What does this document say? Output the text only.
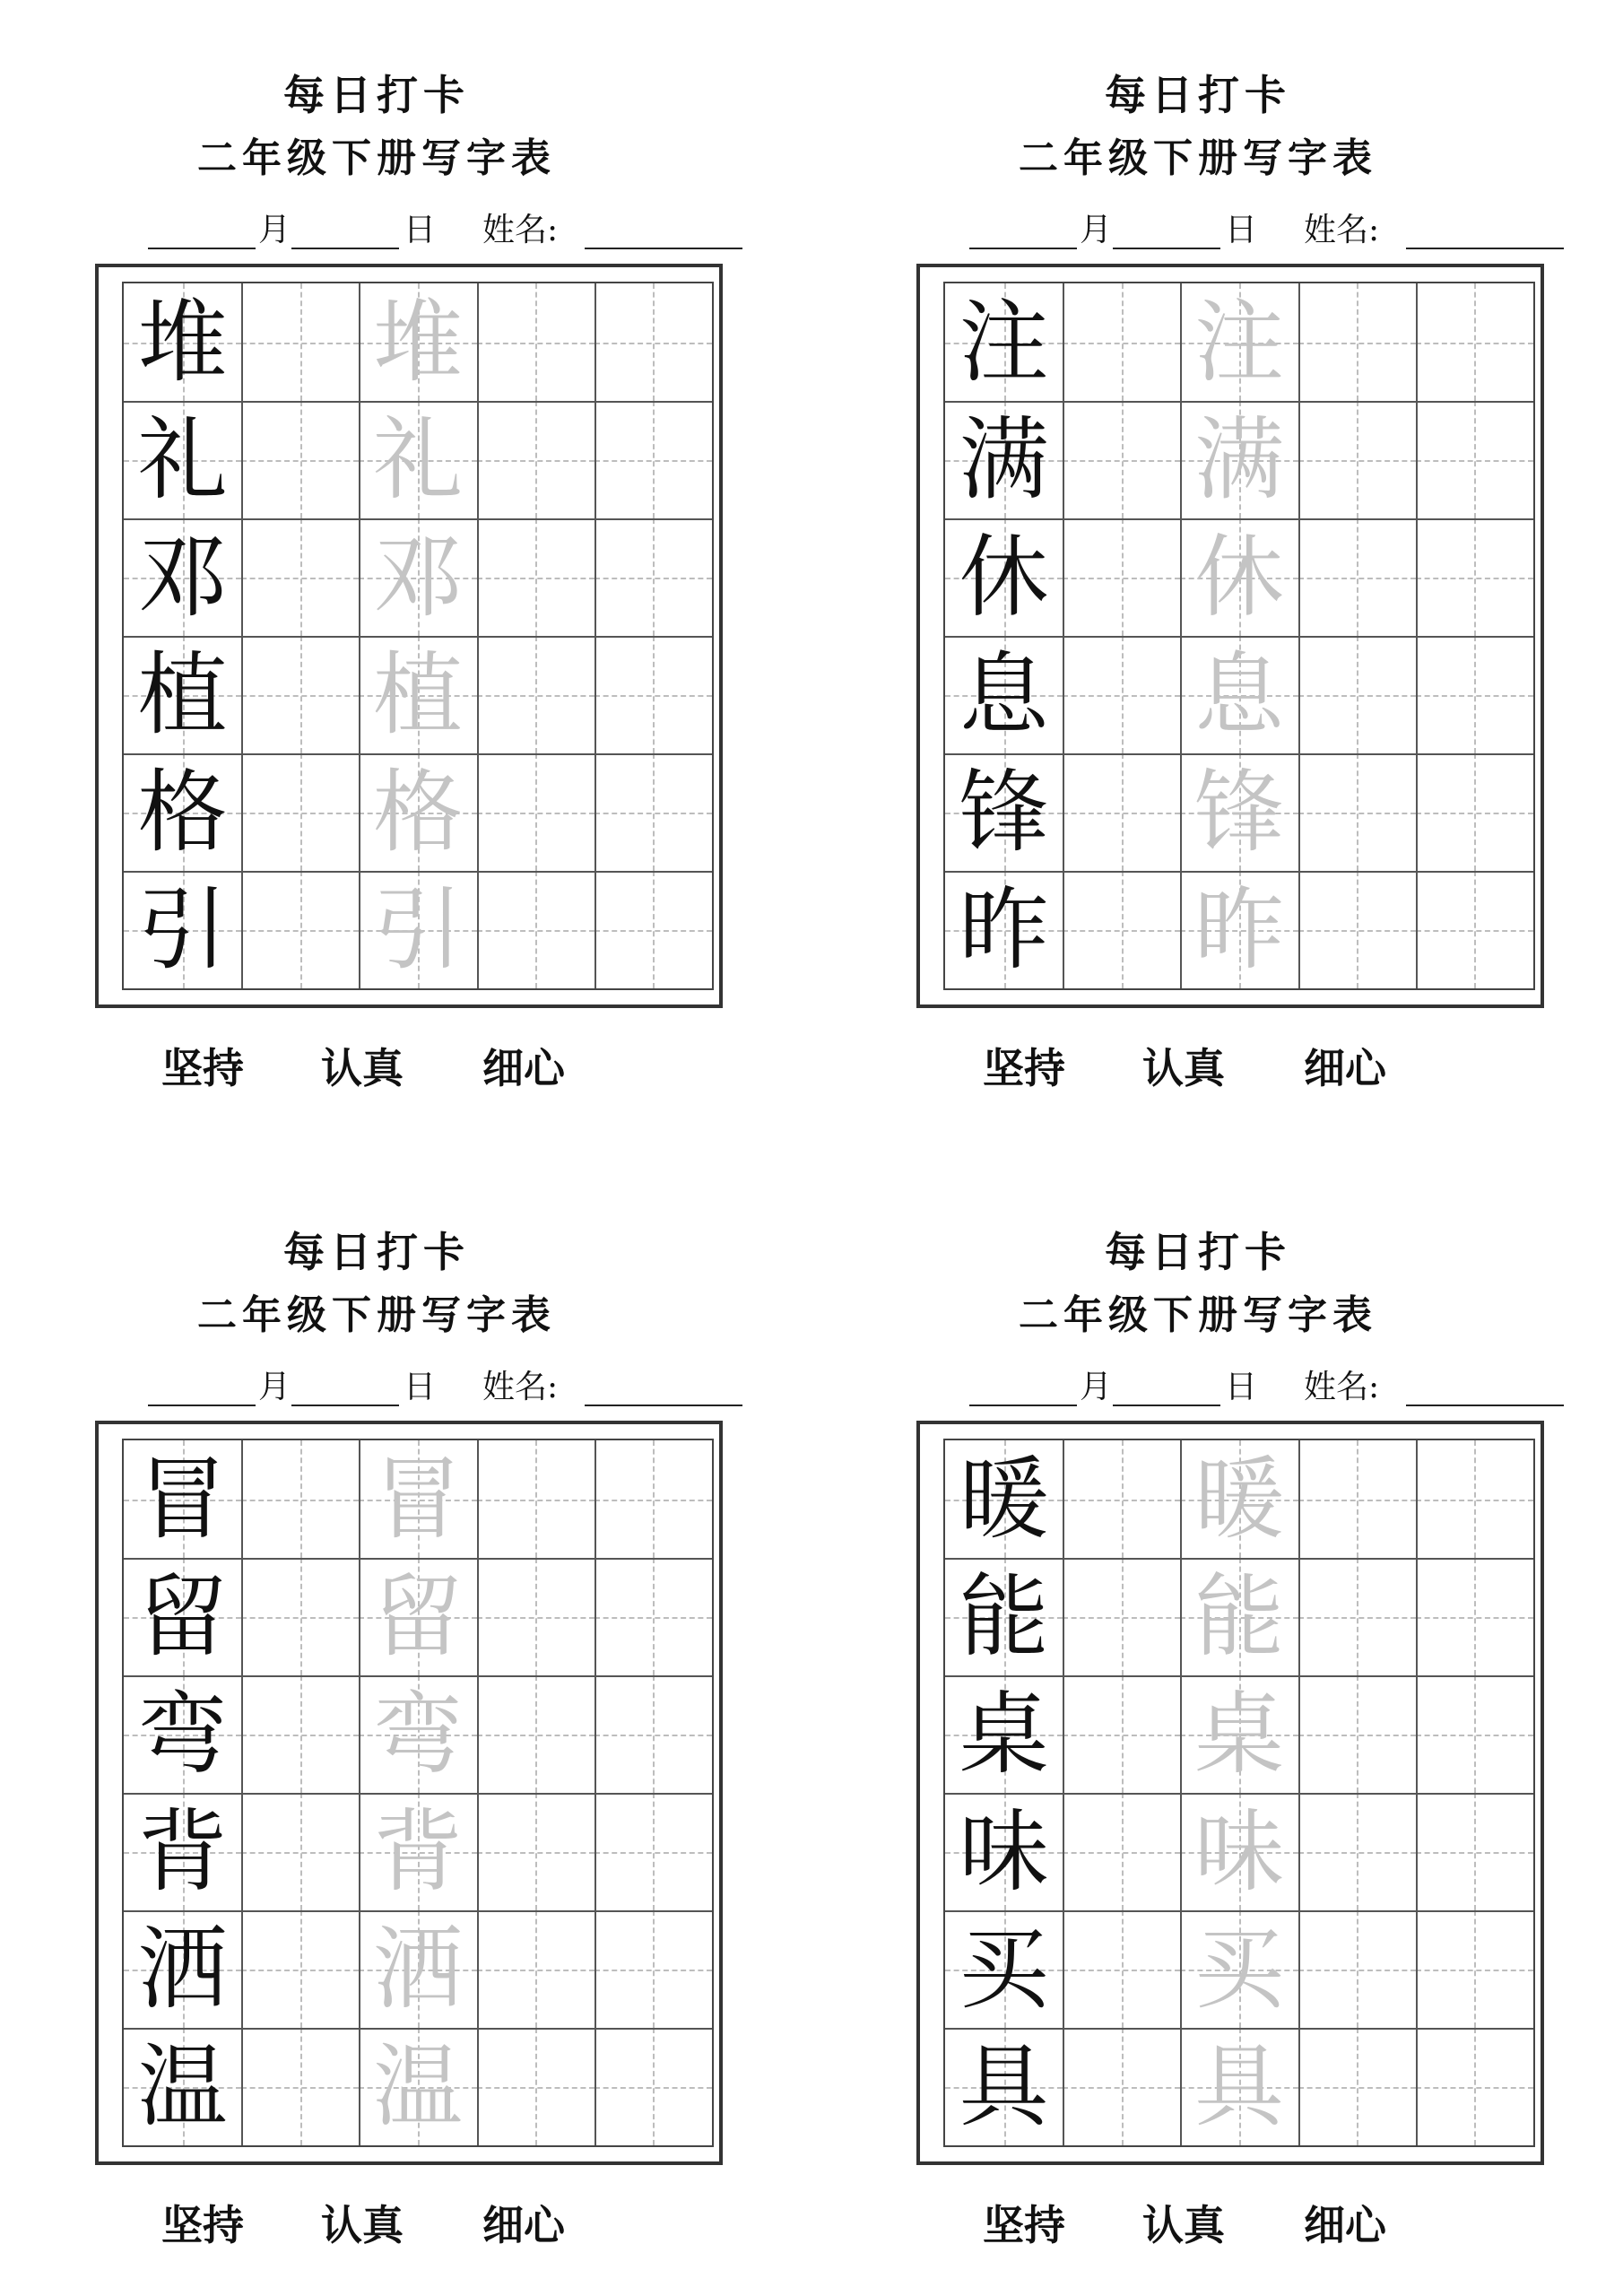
每日打卡
二年级下册写字表
月	日 姓名:
堆 堆
礼 礼
邓 邓
植 植
格 格
引 引
坚持 认真 细心
每日打卡
二年级下册写字表
月	日 姓名:
注 注
满 满
休 休
息 息
锋 锋
昨 昨
坚持 认真 细心
每日打卡
二年级下册写字表
月	日 姓名:
冒 冒
留 留
弯 弯
背 背
洒 洒
温 温
坚持 认真 细心
每日打卡
二年级下册写字表
月	日 姓名:
暖 暖
能 能
桌 桌
味 味
买 买
具 具
坚持 认真 细心
